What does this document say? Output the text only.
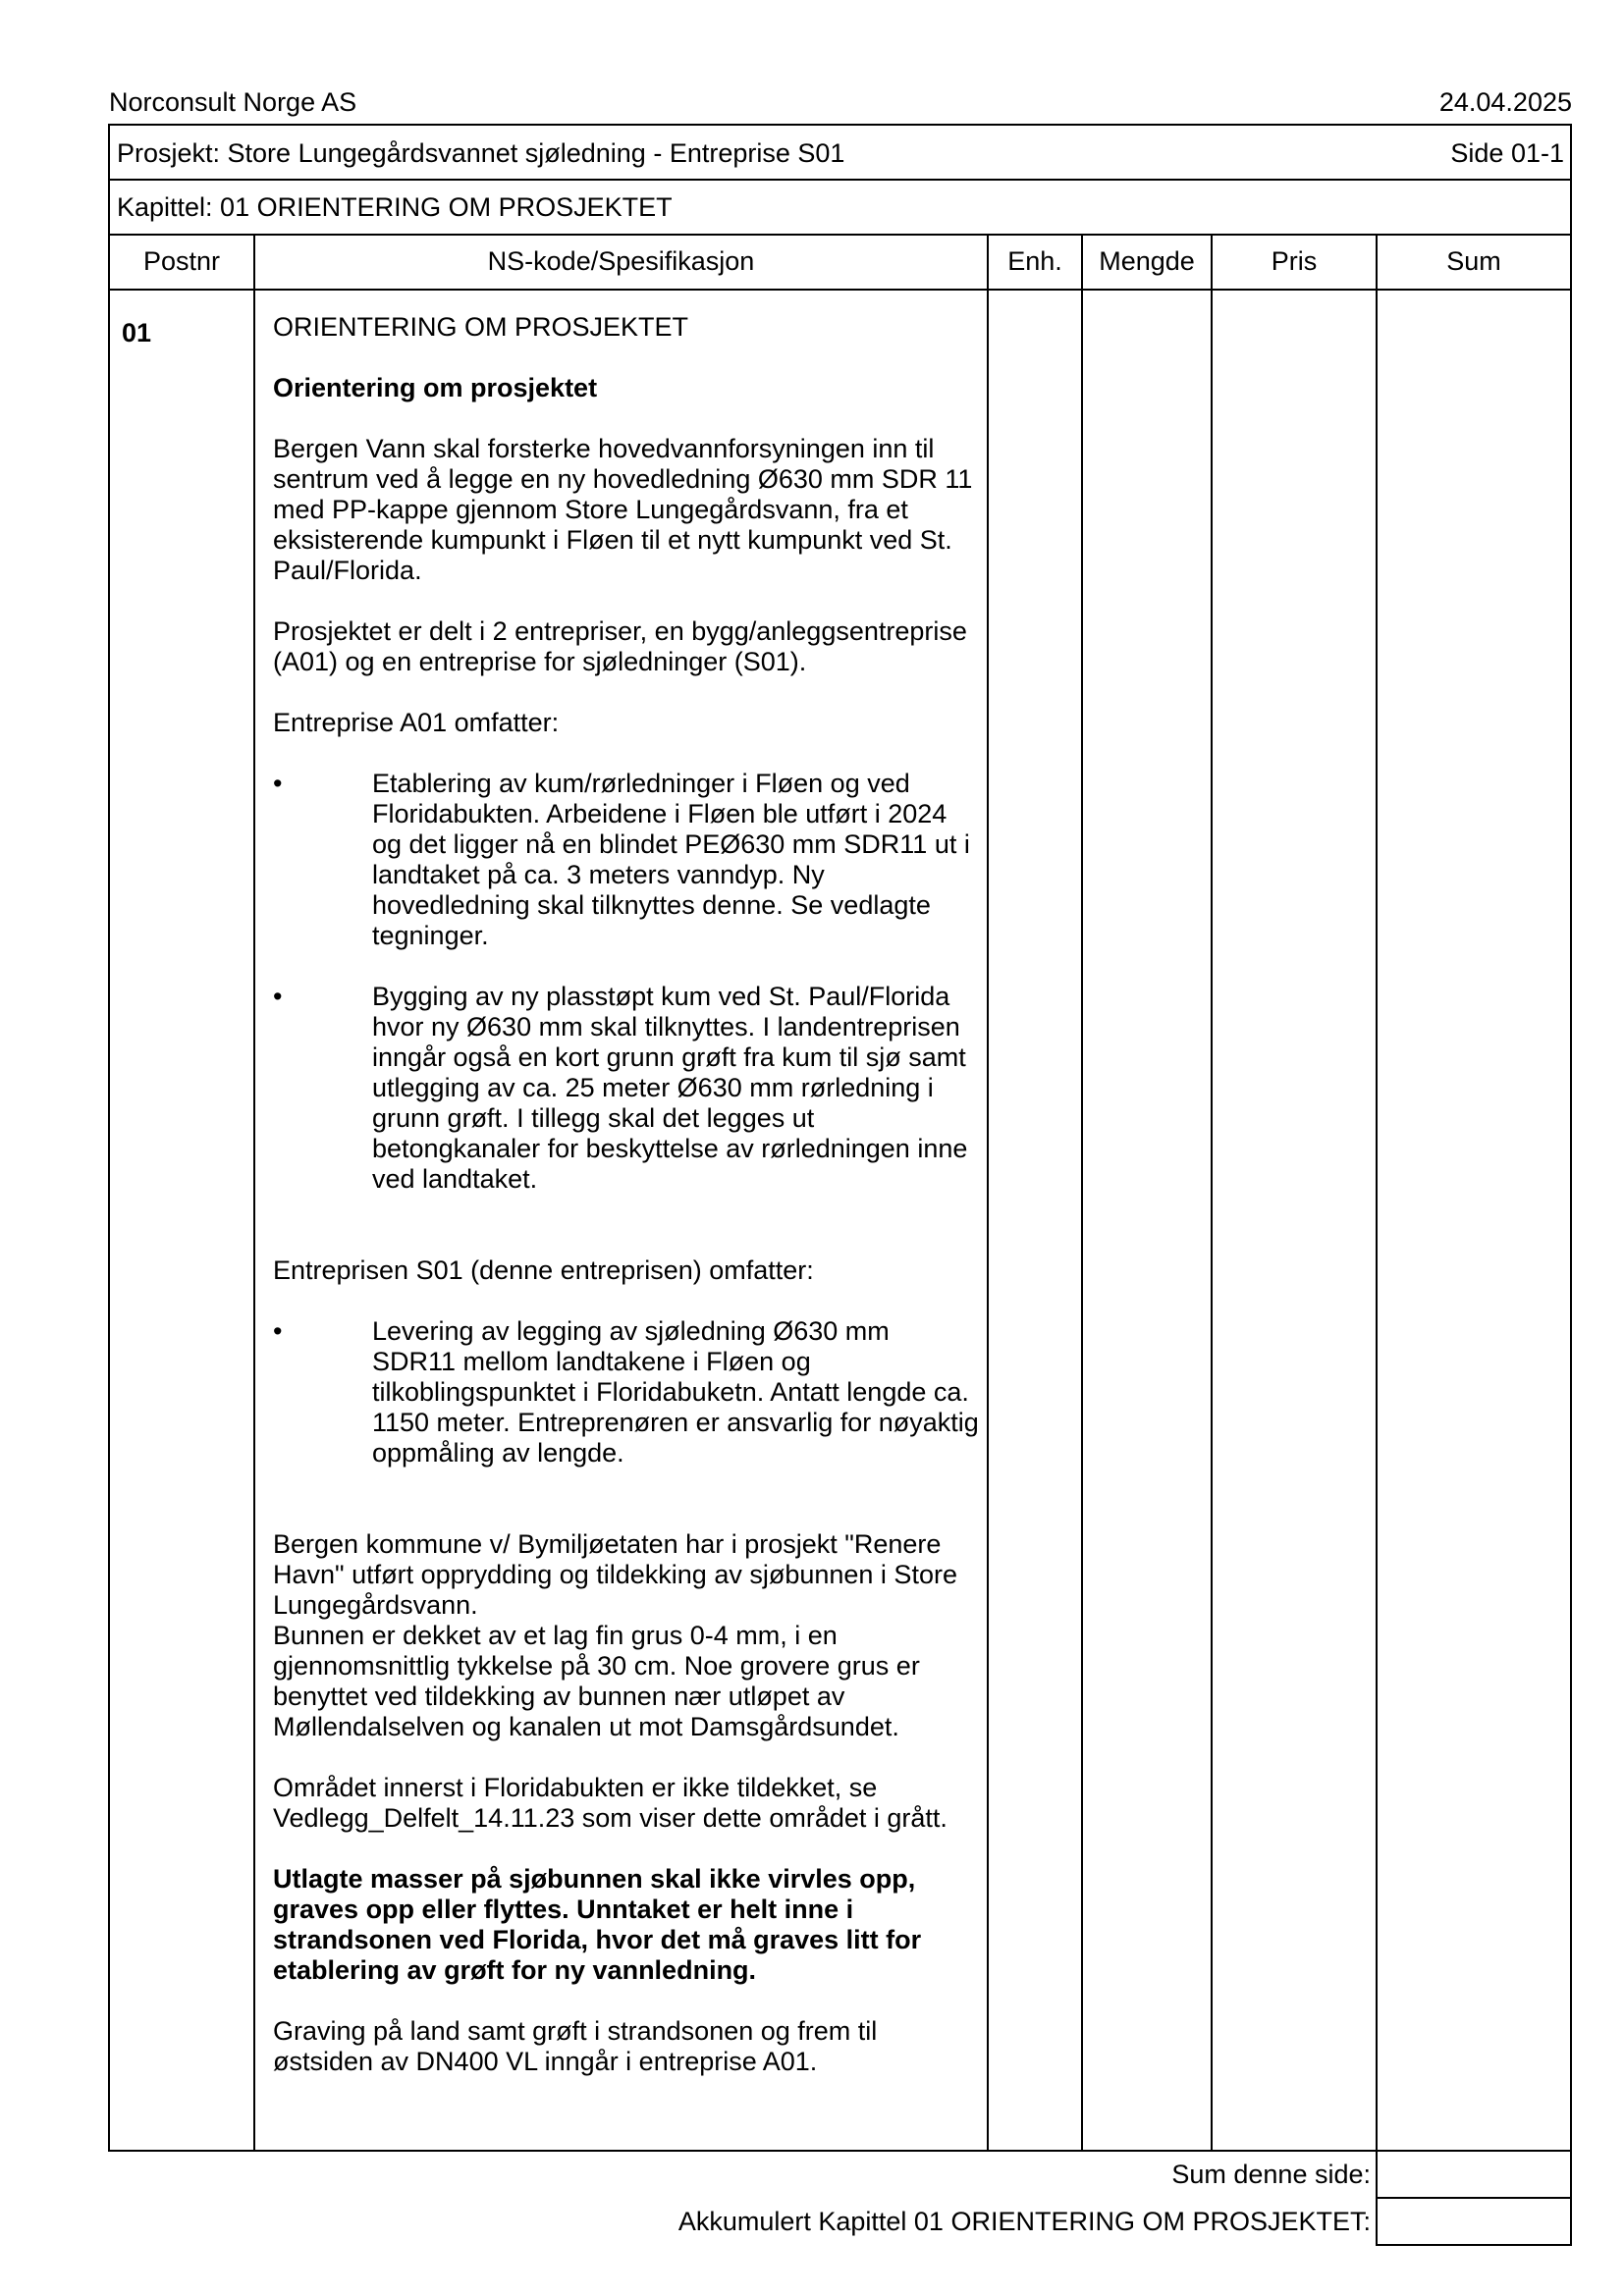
Norconsult Norge AS	24.04.2025
Prosjekt: Store Lungegårdsvannet sjøledning - Entreprise S01	Side 01-1
Kapittel: 01 ORIENTERING OM PROSJEKTET
Postnr	NS-kode/Spesifikasjon	Enh.	Mengde	Pris	Sum
01	ORIENTERING OM PROSJEKTET

Orientering om prosjektet

Bergen Vann skal forsterke hovedvannforsyningen inn til sentrum ved å legge en ny hovedledning Ø630 mm SDR 11 med PP-kappe gjennom Store Lungegårdsvann, fra et eksisterende kumpunkt i Fløen til et nytt kumpunkt ved St. Paul/Florida.

Prosjektet er delt i 2 entrepriser, en bygg/anleggsentreprise (A01) og en entreprise for sjøledninger (S01).

Entreprise A01 omfatter:

•	Etablering av kum/rørledninger i Fløen og ved Floridabukten. Arbeidene i Fløen ble utført i 2024 og det ligger nå en blindet PEØ630 mm SDR11 ut i landtaket på ca. 3 meters vanndyp. Ny hovedledning skal tilknyttes denne. Se vedlagte tegninger.

•	Bygging av ny plasstøpt kum ved St. Paul/Florida hvor ny Ø630 mm skal tilknyttes. I landentreprisen inngår også en kort grunn grøft fra kum til sjø samt utlegging av ca. 25 meter Ø630 mm rørledning i grunn grøft. I tillegg skal det legges ut betongkanaler for beskyttelse av rørledningen inne ved landtaket.

Entreprisen S01 (denne entreprisen) omfatter:

•	Levering av legging av sjøledning Ø630 mm SDR11 mellom landtakene i Fløen og tilkoblingspunktet i Floridabuketn. Antatt lengde ca. 1150 meter. Entreprenøren er ansvarlig for nøyaktig oppmåling av lengde.

Bergen kommune v/ Bymiljøetaten har i prosjekt "Renere Havn" utført opprydding og tildekking av sjøbunnen i Store Lungegårdsvann.

Bunnen er dekket av et lag fin grus 0-4 mm, i en gjennomsnittlig tykkelse på 30 cm. Noe grovere grus er benyttet ved tildekking av bunnen nær utløpet av Møllendalselven og kanalen ut mot Damsgårdsundet.

Området innerst i Floridabukten er ikke tildekket, se Vedlegg_Delfelt_14.11.23 som viser dette området i grått.

Utlagte masser på sjøbunnen skal ikke virvles opp, graves opp eller flyttes. Unntaket er helt inne i strandsonen ved Florida, hvor det må graves litt for etablering av grøft for ny vannledning.

Graving på land samt grøft i strandsonen og frem til østsiden av DN400 VL inngår i entreprise A01.

Sum denne side:
Akkumulert Kapittel 01 ORIENTERING OM PROSJEKTET:
